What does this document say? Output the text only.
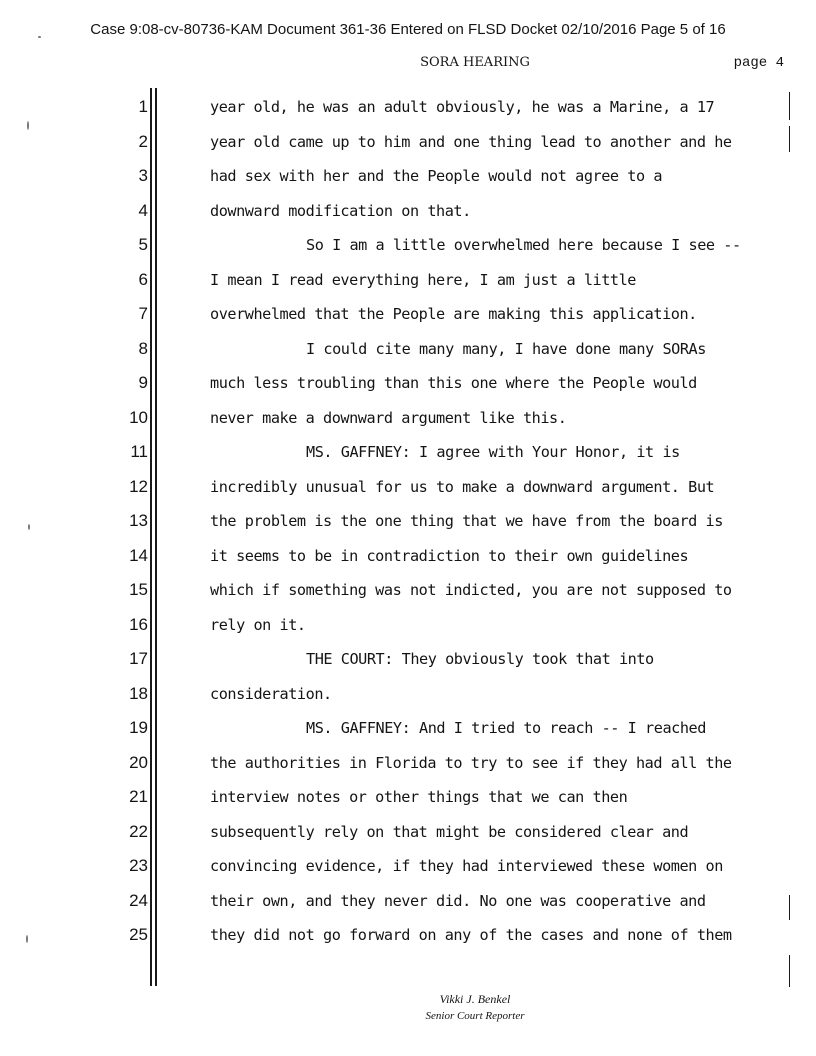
Case 9:08-cv-80736-KAM Document 361-36 Entered on FLSD Docket 02/10/2016 Page 5 of 16
SORA HEARING	page 4
1	year old, he was an adult obviously, he was a Marine, a 17
2	year old came up to him and one thing lead to another and he
3	had sex with her and the People would not agree to a
4	downward modification on that.
5	So I am a little overwhelmed here because I see --
6	I mean I read everything here, I am just a little
7	overwhelmed that the People are making this application.
8	I could cite many many, I have done many SORAs
9	much less troubling than this one where the People would
10	never make a downward argument like this.
11	MS. GAFFNEY: I agree with Your Honor, it is
12	incredibly unusual for us to make a downward argument. But
13	the problem is the one thing that we have from the board is
14	it seems to be in contradiction to their own guidelines
15	which if something was not indicted, you are not supposed to
16	rely on it.
17	THE COURT: They obviously took that into
18	consideration.
19	MS. GAFFNEY: And I tried to reach -- I reached
20	the authorities in Florida to try to see if they had all the
21	interview notes or other things that we can then
22	subsequently rely on that might be considered clear and
23	convincing evidence, if they had interviewed these women on
24	their own, and they never did. No one was cooperative and
25	they did not go forward on any of the cases and none of them
Vikki J. Benkel
Senior Court Reporter
